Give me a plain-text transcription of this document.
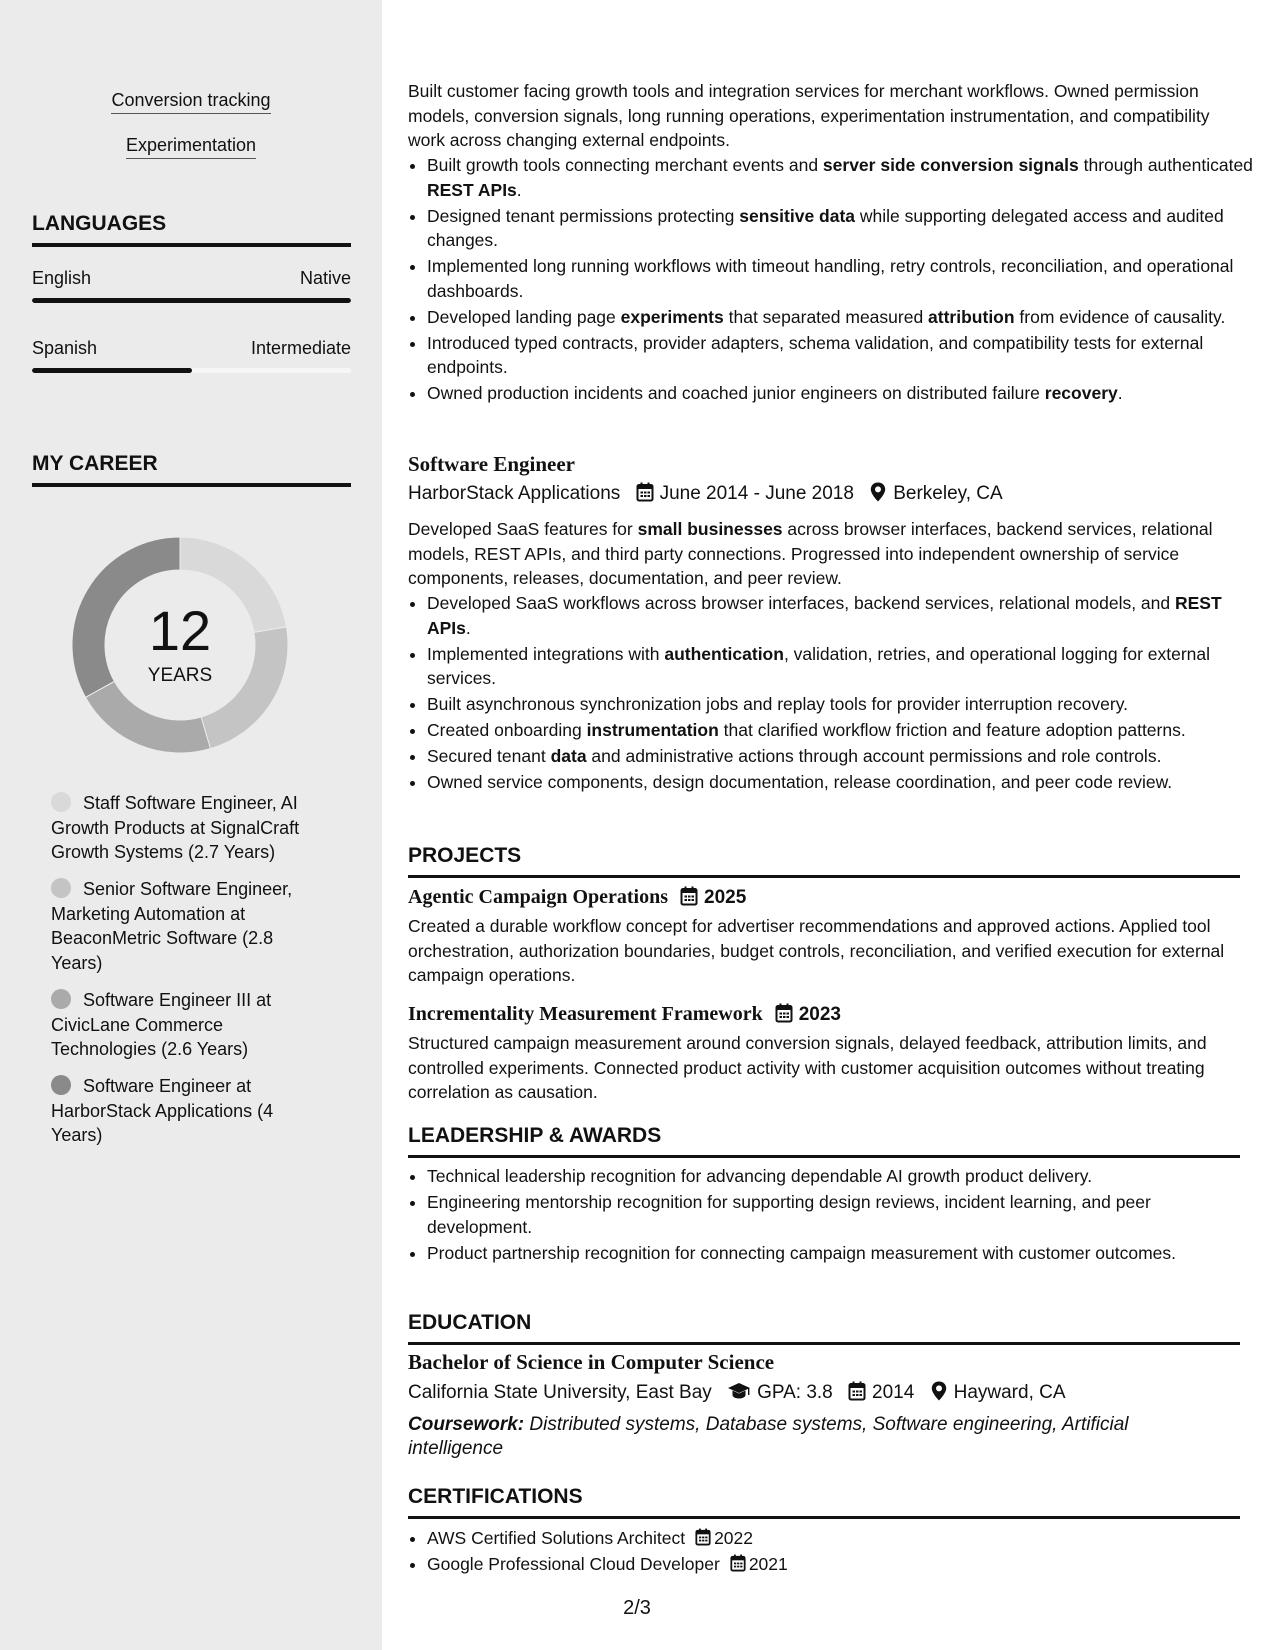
Conversion tracking
Experimentation
LANGUAGES
English	Native
Spanish	Intermediate
MY CAREER
12
YEARS
Staff Software Engineer, AI Growth Products at SignalCraft Growth Systems (2.7 Years)
Senior Software Engineer, Marketing Automation at BeaconMetric Software (2.8 Years)
Software Engineer III at CivicLane Commerce Technologies (2.6 Years)
Software Engineer at HarborStack Applications (4 Years)
Built customer facing growth tools and integration services for merchant workflows. Owned permission models, conversion signals, long running operations, experimentation instrumentation, and compatibility work across changing external endpoints.
• Built growth tools connecting merchant events and server side conversion signals through authenticated REST APIs.
• Designed tenant permissions protecting sensitive data while supporting delegated access and audited changes.
• Implemented long running workflows with timeout handling, retry controls, reconciliation, and operational dashboards.
• Developed landing page experiments that separated measured attribution from evidence of causality.
• Introduced typed contracts, provider adapters, schema validation, and compatibility tests for external endpoints.
• Owned production incidents and coached junior engineers on distributed failure recovery.
Software Engineer
HarborStack Applications June 2014 - June 2018 Berkeley, CA
Developed SaaS features for small businesses across browser interfaces, backend services, relational models, REST APIs, and third party connections. Progressed into independent ownership of service components, releases, documentation, and peer review.
• Developed SaaS workflows across browser interfaces, backend services, relational models, and REST APIs.
• Implemented integrations with authentication, validation, retries, and operational logging for external services.
• Built asynchronous synchronization jobs and replay tools for provider interruption recovery.
• Created onboarding instrumentation that clarified workflow friction and feature adoption patterns.
• Secured tenant data and administrative actions through account permissions and role controls.
• Owned service components, design documentation, release coordination, and peer code review.
PROJECTS
Agentic Campaign Operations 2025
Created a durable workflow concept for advertiser recommendations and approved actions. Applied tool orchestration, authorization boundaries, budget controls, reconciliation, and verified execution for external campaign operations.
Incrementality Measurement Framework 2023
Structured campaign measurement around conversion signals, delayed feedback, attribution limits, and controlled experiments. Connected product activity with customer acquisition outcomes without treating correlation as causation.
LEADERSHIP & AWARDS
• Technical leadership recognition for advancing dependable AI growth product delivery.
• Engineering mentorship recognition for supporting design reviews, incident learning, and peer development.
• Product partnership recognition for connecting campaign measurement with customer outcomes.
EDUCATION
Bachelor of Science in Computer Science
California State University, East Bay GPA: 3.8 2014 Hayward, CA
Coursework: Distributed systems, Database systems, Software engineering, Artificial intelligence
CERTIFICATIONS
• AWS Certified Solutions Architect 2022
• Google Professional Cloud Developer 2021
2/3
